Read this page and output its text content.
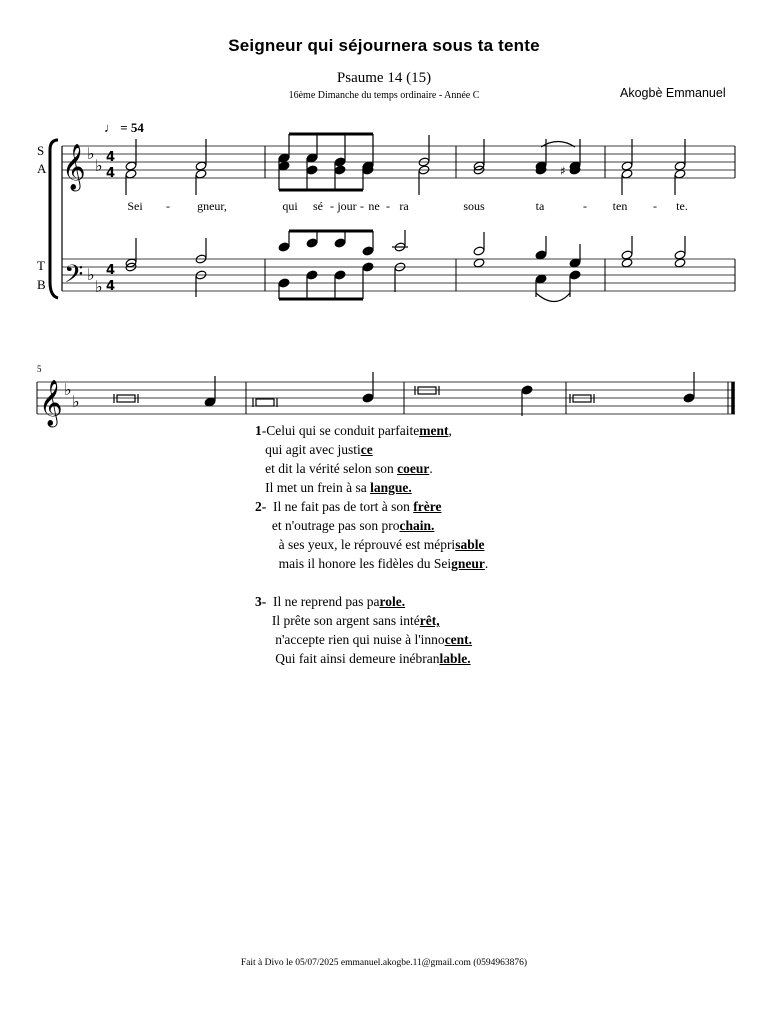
Seigneur qui séjournera sous ta tente
Psaume 14 (15)
16ème Dimanche du temps ordinaire - Année C	Akogbè Emmanuel
♩ = 54
S
A
T
B
𝄞
𝄢
♭
♭
♭
♭
4
4
4
4
♯
𝄞 ♭
♭
Sei	-	gneur,	qui	sé - jour - ne - ra	sous	ta	-	ten	-	te.
5
1-Celui qui se conduit parfaitement,
qui agit avec justice
et dit la vérité selon son coeur.
Il met un frein à sa langue.
2-  Il ne fait pas de tort à son frère
et n'outrage pas son prochain.
à ses yeux, le réprouvé est méprisable
mais il honore les fidèles du Seigneur.
3-  Il ne reprend pas parole.
Il prête son argent sans intérêt,
n'accepte rien qui nuise à l'innocent.
Qui fait ainsi demeure inébranlable.
Fait à Divo le 05/07/2025 emmanuel.akogbe.11@gmail.com (0594963876)
